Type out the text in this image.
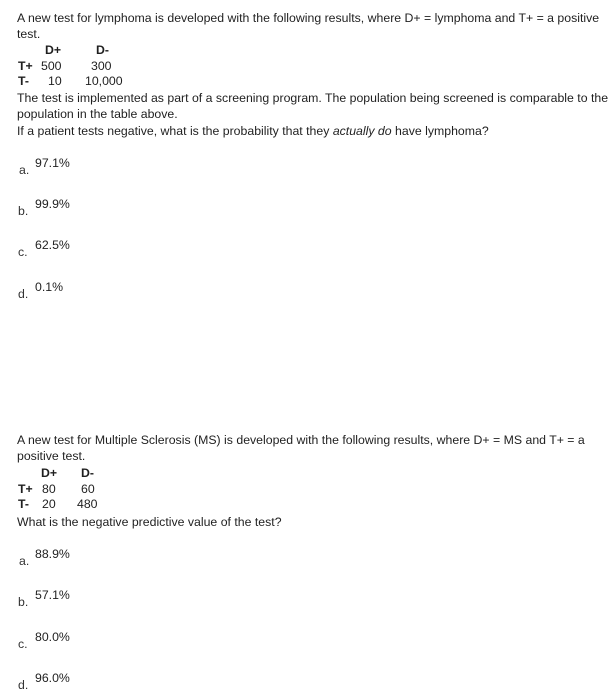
A new test for lymphoma is developed with the following results, where D+ = lymphoma and T+ = a positive test.
D+	D-
T+ 500 300
T- 10 10,000
The test is implemented as part of a screening program. The population being screened is comparable to the population in the table above.
If a patient tests negative, what is the probability that they actually do have lymphoma?
a. 97.1%
b. 99.9%
c. 62.5%
d. 0.1%
A new test for Multiple Sclerosis (MS) is developed with the following results, where D+ = MS and T+ = a positive test.
D+ D-
T+ 80 60
T- 20 480
What is the negative predictive value of the test?
a. 88.9%
b. 57.1%
c. 80.0%
d. 96.0%
